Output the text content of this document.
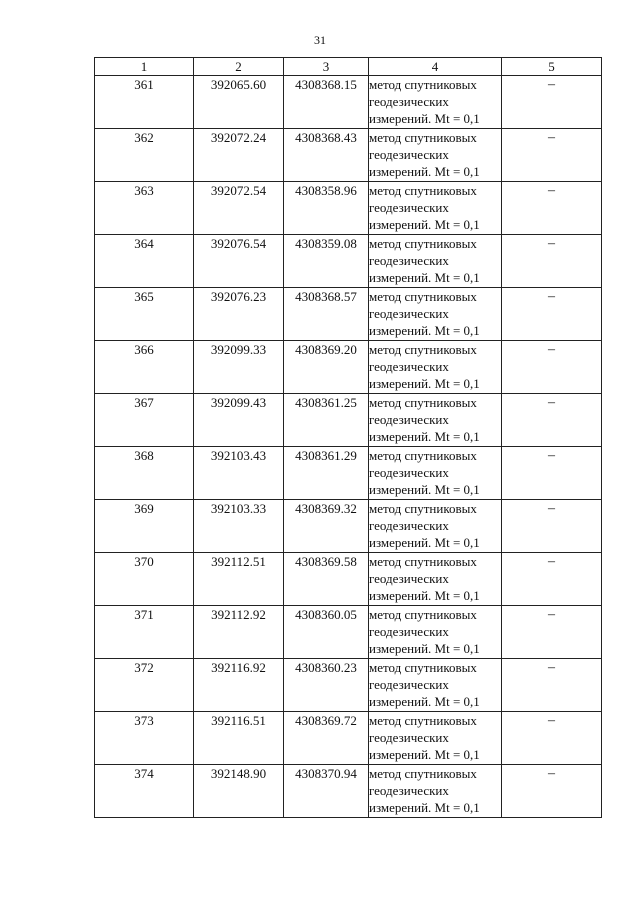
31
1	2	3	4	5
361	392065.60	4308368.15	метод спутниковых
геодезических
измерений. Mt = 0,1	–
362	392072.24	4308368.43	метод спутниковых
геодезических
измерений. Mt = 0,1	–
363	392072.54	4308358.96	метод спутниковых
геодезических
измерений. Mt = 0,1	–
364	392076.54	4308359.08	метод спутниковых
геодезических
измерений. Mt = 0,1	–
365	392076.23	4308368.57	метод спутниковых
геодезических
измерений. Mt = 0,1	–
366	392099.33	4308369.20	метод спутниковых
геодезических
измерений. Mt = 0,1	–
367	392099.43	4308361.25	метод спутниковых
геодезических
измерений. Mt = 0,1	–
368	392103.43	4308361.29	метод спутниковых
геодезических
измерений. Mt = 0,1	–
369	392103.33	4308369.32	метод спутниковых
геодезических
измерений. Mt = 0,1	–
370	392112.51	4308369.58	метод спутниковых
геодезических
измерений. Mt = 0,1	–
371	392112.92	4308360.05	метод спутниковых
геодезических
измерений. Mt = 0,1	–
372	392116.92	4308360.23	метод спутниковых
геодезических
измерений. Mt = 0,1	–
373	392116.51	4308369.72	метод спутниковых
геодезических
измерений. Mt = 0,1	–
374	392148.90	4308370.94	метод спутниковых
геодезических
измерений. Mt = 0,1	–
